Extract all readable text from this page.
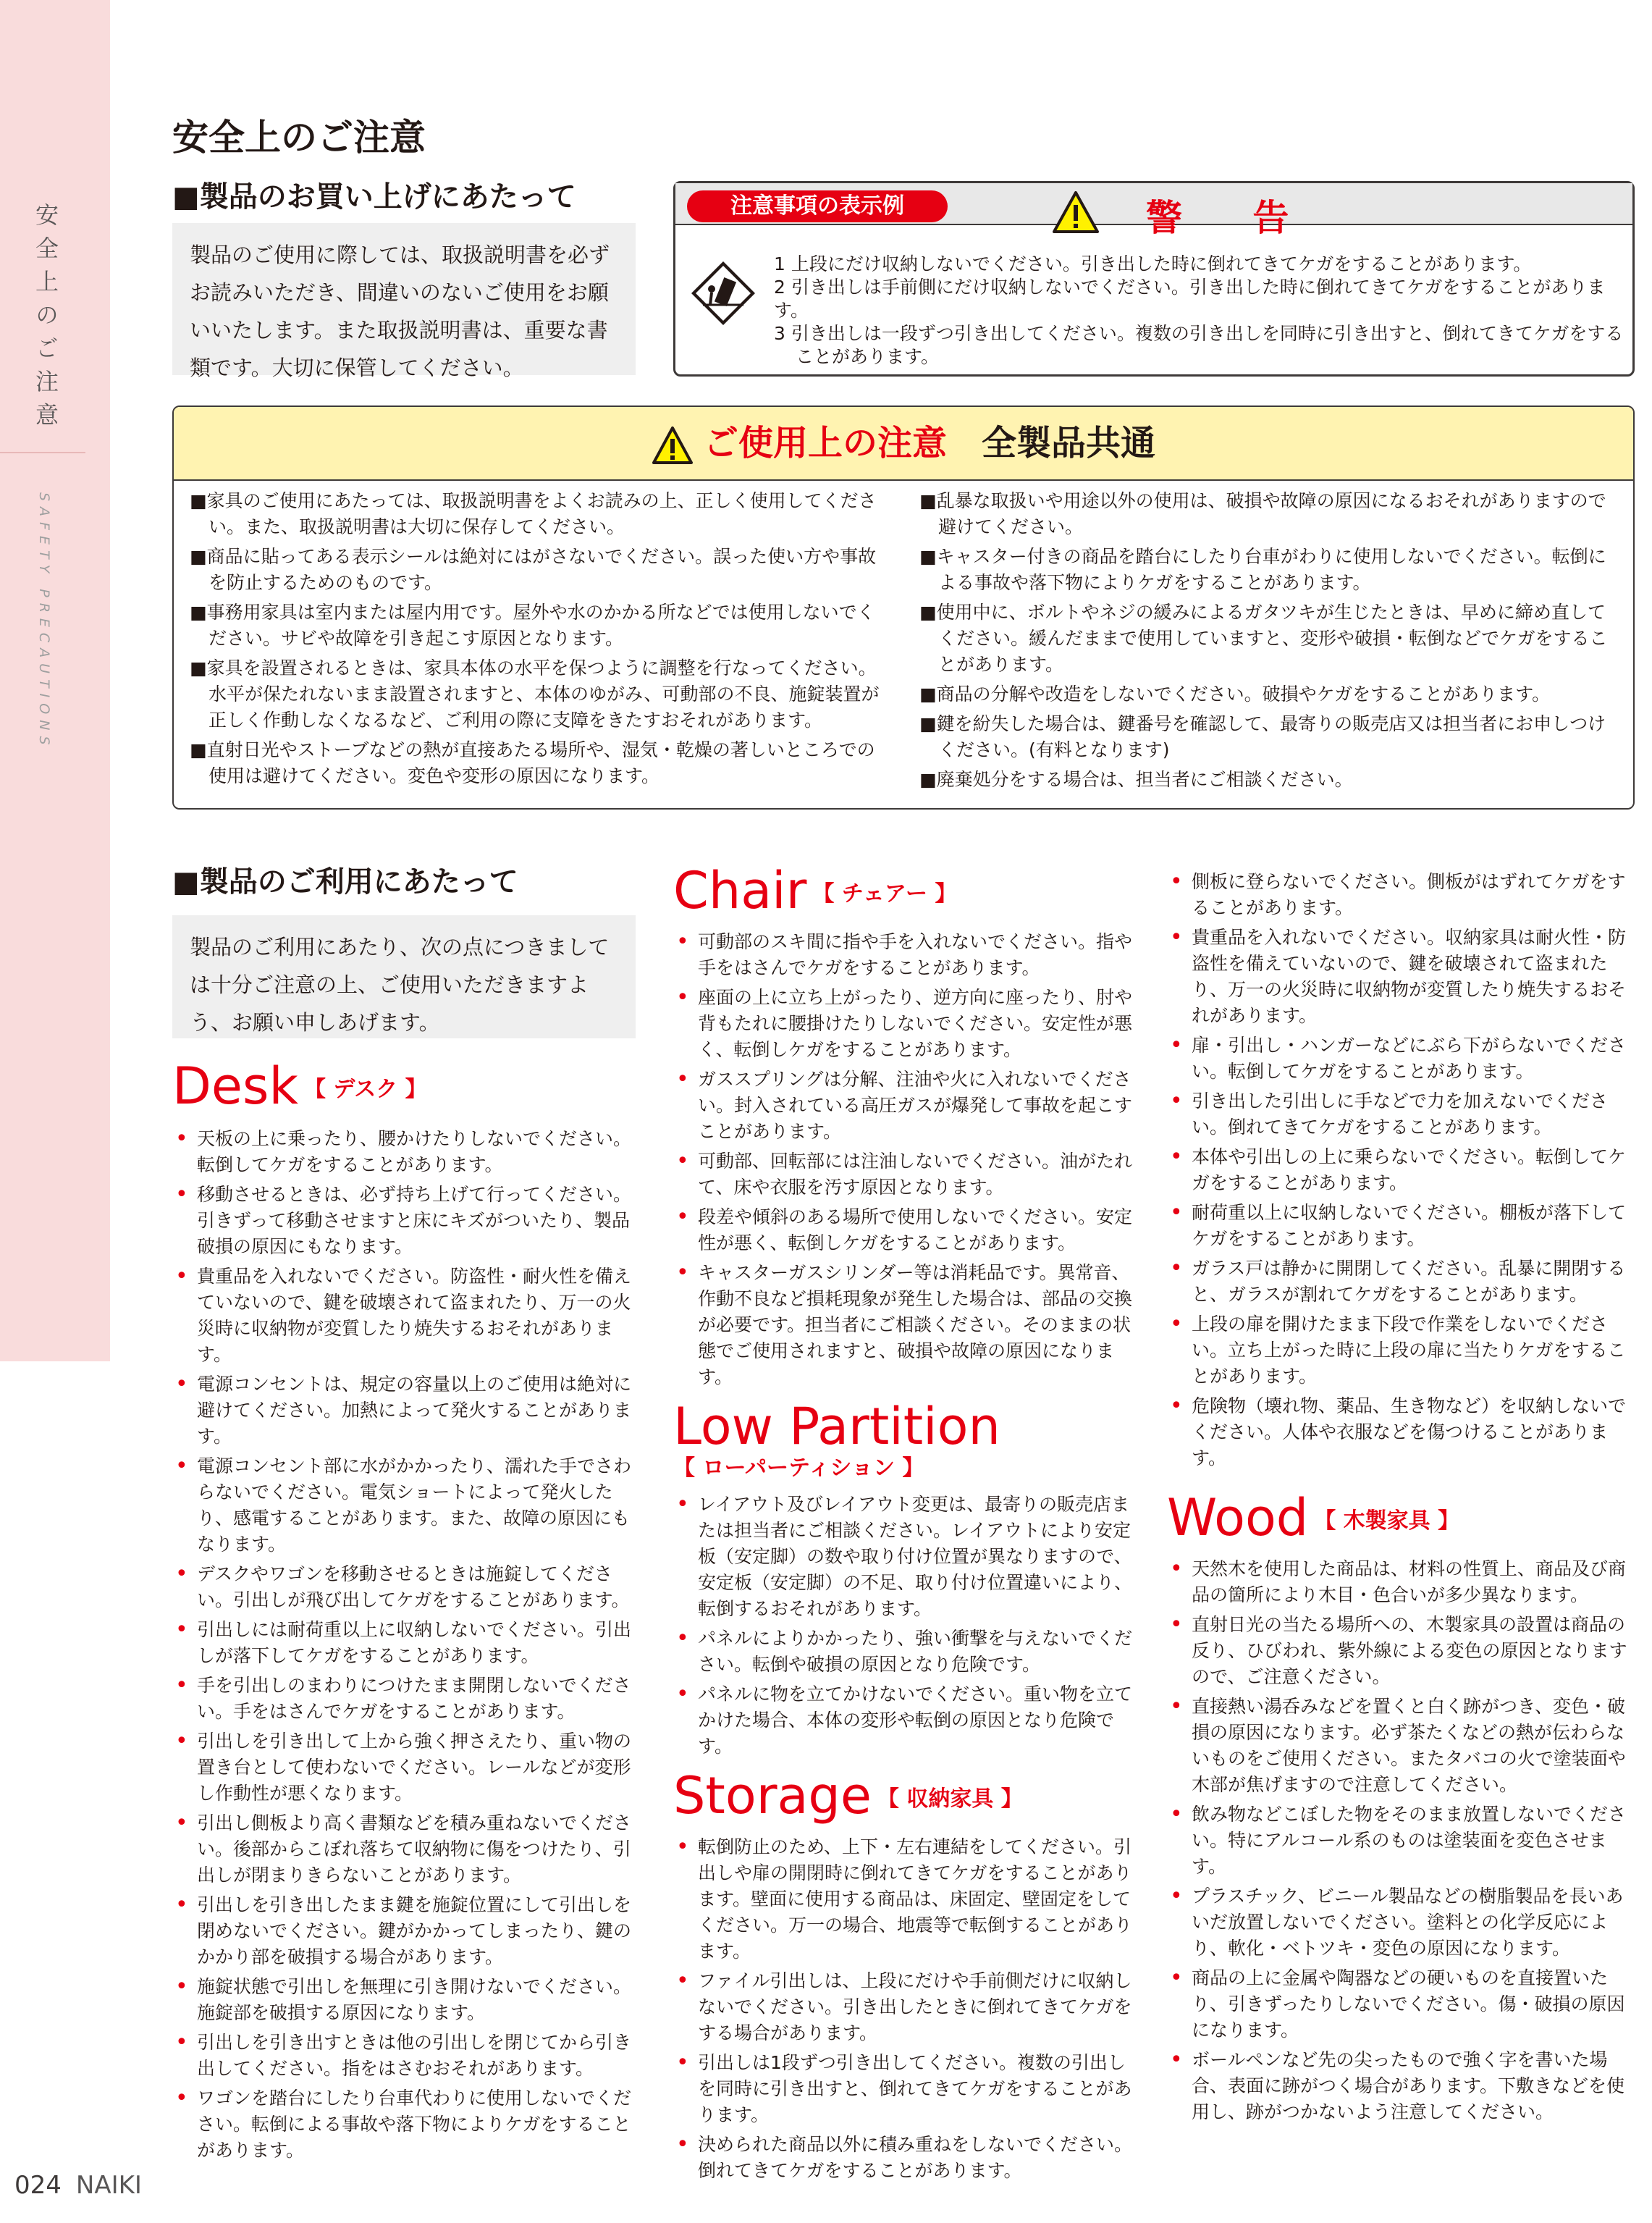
安全上のご注意
SAFETY PRECAUTIONS
安全上のご注意
■製品のお買い上げにあたって
製品のご使用に際しては、取扱説明書を必ずお読みいただき、間違いのないご使用をお願いいたします。また取扱説明書は、重要な書類です。大切に保管してください。
注意事項の表示例	警 告
1 上段にだけ収納しないでください。引き出した時に倒れてきてケガをすることがあります。
2 引き出しは手前側にだけ収納しないでください。引き出した時に倒れてきてケガをすることがあります。
3 引き出しは一段ずつ引き出してください。複数の引き出しを同時に引き出すと、倒れてきてケガをすることがあります。
ご使用上の注意　 全製品共通
■家具のご使用にあたっては、取扱説明書をよくお読みの上、正しく使用してください。また、取扱説明書は大切に保存してください。
■商品に貼ってある表示シールは絶対にはがさないでください。誤った使い方や事故を防止するためのものです。
■事務用家具は室内または屋内用です。屋外や水のかかる所などでは使用しないでください。サビや故障を引き起こす原因となります。
■家具を設置されるときは、家具本体の水平を保つように調整を行なってください。水平が保たれないまま設置されますと、本体のゆがみ、可動部の不良、施錠装置が正しく作動しなくなるなど、ご利用の際に支障をきたすおそれがあります。
■直射日光やストーブなどの熱が直接あたる場所や、湿気・乾燥の著しいところでの使用は避けてください。変色や変形の原因になります。
■乱暴な取扱いや用途以外の使用は、破損や故障の原因になるおそれがありますので避けてください。
■キャスター付きの商品を踏台にしたり台車がわりに使用しないでください。転倒による事故や落下物によりケガをすることがあります。
■使用中に、ボルトやネジの緩みによるガタツキが生じたときは、早めに締め直してください。緩んだままで使用していますと、変形や破損・転倒などでケガをすることがあります。
■商品の分解や改造をしないでください。破損やケガをすることがあります。
■鍵を紛失した場合は、鍵番号を確認して、最寄りの販売店又は担当者にお申しつけください。(有料となります)
■廃棄処分をする場合は、担当者にご相談ください。
■製品のご利用にあたって
製品のご利用にあたり、次の点につきましては十分ご注意の上、ご使用いただきますよう、お願い申しあげます。
Desk 【 デスク 】
• 天板の上に乗ったり、腰かけたりしないでください。転倒してケガをすることがあります。
• 移動させるときは、必ず持ち上げて行ってください。引きずって移動させますと床にキズがついたり、製品破損の原因にもなります。
• 貴重品を入れないでください。防盗性・耐火性を備えていないので、鍵を破壊されて盗まれたり、万一の火災時に収納物が変質したり焼失するおそれがあります。
• 電源コンセントは、規定の容量以上のご使用は絶対に避けてください。加熱によって発火することがあります。
• 電源コンセント部に水がかかったり、濡れた手でさわらないでください。電気ショートによって発火したり、感電することがあります。また、故障の原因にもなります。
• デスクやワゴンを移動させるときは施錠してください。引出しが飛び出してケガをすることがあります。
• 引出しには耐荷重以上に収納しないでください。引出しが落下してケガをすることがあります。
• 手を引出しのまわりにつけたまま開閉しないでください。手をはさんでケガをすることがあります。
• 引出しを引き出して上から強く押さえたり、重い物の置き台として使わないでください。レールなどが変形し作動性が悪くなります。
• 引出し側板より高く書類などを積み重ねないでください。後部からこぼれ落ちて収納物に傷をつけたり、引出しが閉まりきらないことがあります。
• 引出しを引き出したまま鍵を施錠位置にして引出しを閉めないでください。鍵がかかってしまったり、鍵のかかり部を破損する場合があります。
• 施錠状態で引出しを無理に引き開けないでください。施錠部を破損する原因になります。
• 引出しを引き出すときは他の引出しを閉じてから引き出してください。指をはさむおそれがあります。
• ワゴンを踏台にしたり台車代わりに使用しないでください。転倒による事故や落下物によりケガをすることがあります。
Chair 【 チェアー 】
• 可動部のスキ間に指や手を入れないでください。指や手をはさんでケガをすることがあります。
• 座面の上に立ち上がったり、逆方向に座ったり、肘や背もたれに腰掛けたりしないでください。安定性が悪く、転倒しケガをすることがあります。
• ガススプリングは分解、注油や火に入れないでください。封入されている高圧ガスが爆発して事故を起こすことがあります。
• 可動部、回転部には注油しないでください。油がたれて、床や衣服を汚す原因となります。
• 段差や傾斜のある場所で使用しないでください。安定性が悪く、転倒しケガをすることがあります。
• キャスターガスシリンダー等は消耗品です。異常音、作動不良など損耗現象が発生した場合は、部品の交換が必要です。担当者にご相談ください。そのままの状態でご使用されますと、破損や故障の原因になります。
Low Partition
【 ローパーティション 】
• レイアウト及びレイアウト変更は、最寄りの販売店または担当者にご相談ください。レイアウトにより安定板（安定脚）の数や取り付け位置が異なりますので、安定板（安定脚）の不足、取り付け位置違いにより、転倒するおそれがあります。
• パネルによりかかったり、強い衝撃を与えないでください。転倒や破損の原因となり危険です。
• パネルに物を立てかけないでください。重い物を立てかけた場合、本体の変形や転倒の原因となり危険です。
Storage 【 収納家具 】
• 転倒防止のため、上下・左右連結をしてください。引出しや扉の開閉時に倒れてきてケガをすることがあります。壁面に使用する商品は、床固定、壁固定をしてください。万一の場合、地震等で転倒することがあります。
• ファイル引出しは、上段にだけや手前側だけに収納しないでください。引き出したときに倒れてきてケガをする場合があります。
• 引出しは1段ずつ引き出してください。複数の引出しを同時に引き出すと、倒れてきてケガをすることがあります。
• 決められた商品以外に積み重ねをしないでください。倒れてきてケガをすることがあります。
• 側板に登らないでください。側板がはずれてケガをすることがあります。
• 貴重品を入れないでください。収納家具は耐火性・防盗性を備えていないので、鍵を破壊されて盗まれたり、万一の火災時に収納物が変質したり焼失するおそれがあります。
• 扉・引出し・ハンガーなどにぶら下がらないでください。転倒してケガをすることがあります。
• 引き出した引出しに手などで力を加えないでください。倒れてきてケガをすることがあります。
• 本体や引出しの上に乗らないでください。転倒してケガをすることがあります。
• 耐荷重以上に収納しないでください。棚板が落下してケガをすることがあります。
• ガラス戸は静かに開閉してください。乱暴に開閉すると、ガラスが割れてケガをすることがあります。
• 上段の扉を開けたまま下段で作業をしないでください。立ち上がった時に上段の扉に当たりケガをすることがあります。
• 危険物（壊れ物、薬品、生き物など）を収納しないでください。人体や衣服などを傷つけることがあります。
Wood 【 木製家具 】
• 天然木を使用した商品は、材料の性質上、商品及び商品の箇所により木目・色合いが多少異なります。
• 直射日光の当たる場所への、木製家具の設置は商品の反り、ひびわれ、紫外線による変色の原因となりますので、ご注意ください。
• 直接熱い湯呑みなどを置くと白く跡がつき、変色・破損の原因になります。必ず茶たくなどの熱が伝わらないものをご使用ください。またタバコの火で塗装面や木部が焦げますので注意してください。
• 飲み物などこぼした物をそのまま放置しないでください。特にアルコール系のものは塗装面を変色させます。
• プラスチック、ビニール製品などの樹脂製品を長いあいだ放置しないでください。塗料との化学反応により、軟化・ベトツキ・変色の原因になります。
• 商品の上に金属や陶器などの硬いものを直接置いたり、引きずったりしないでください。傷・破損の原因になります。
• ボールペンなど先の尖ったもので強く字を書いた場合、表面に跡がつく場合があります。下敷きなどを使用し、跡がつかないよう注意してください。
024 NAIKI
